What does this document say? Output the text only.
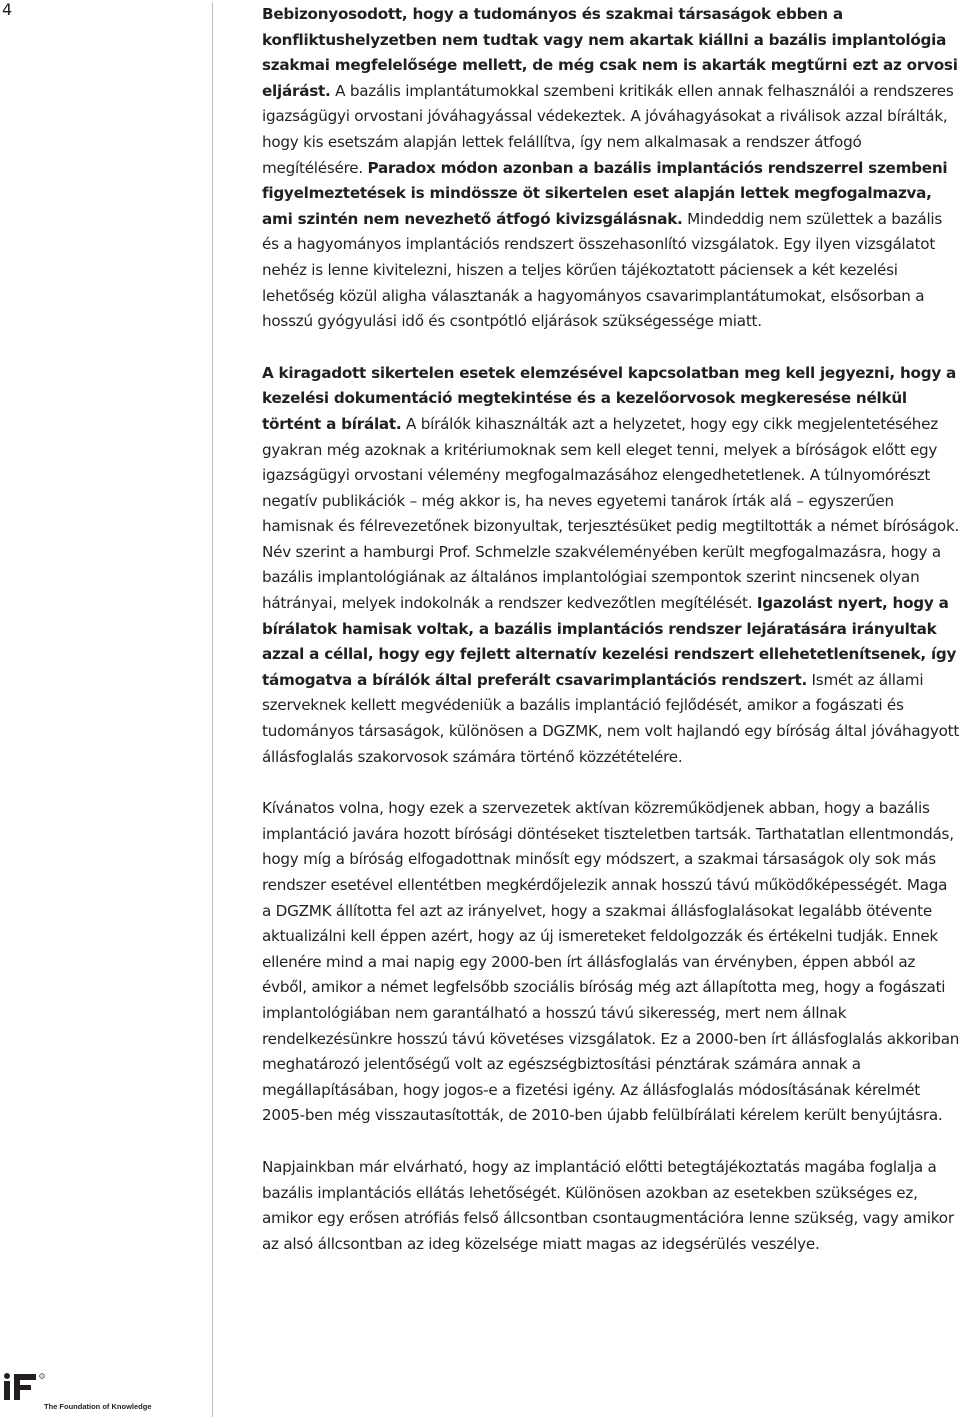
4	Bebizonyosodott, hogy a tudományos és szakmai társaságok ebben a konfliktushelyzetben nem tudtak vagy nem akartak kiállni a bazális implantológia szakmai megfelelősége mellett, de még csak nem is akarták megtűrni ezt az orvosi eljárást. A bazális implantátumokkal szembeni kritikák ellen annak felhasználói a rendszeres igazságügyi orvostani jóváhagyással védekeztek. A jóváhagyásokat a riválisok azzal bírálták, hogy kis esetszám alapján lettek felállítva, így nem alkalmasak a rendszer átfogó megítélésére. Paradox módon azonban a bazális implantációs rendszerrel szembeni figyelmeztetések is mindössze öt sikertelen eset alapján lettek megfogalmazva, ami szintén nem nevezhető átfogó kivizsgálásnak. Mindeddig nem születtek a bazális és a hagyományos implantációs rendszert összehasonlító vizsgálatok. Egy ilyen vizsgálatot nehéz is lenne kivitelezni, hiszen a teljes körűen tájékoztatott páciensek a két kezelési lehetőség közül aligha választanák a hagyományos csavarimplantátumokat, elsősorban a hosszú gyógyulási idő és csontpótló eljárások szükségessége miatt.

A kiragadott sikertelen esetek elemzésével kapcsolatban meg kell jegyezni, hogy a kezelési dokumentáció megtekintése és a kezelőorvosok megkeresése nélkül történt a bírálat. A bírálók kihasználták azt a helyzetet, hogy egy cikk megjelentetéséhez gyakran még azoknak a kritériumoknak sem kell eleget tenni, melyek a bíróságok előtt egy igazságügyi orvostani vélemény megfogalmazásához elengedhetetlenek. A túlnyomórészt negatív publikációk – még akkor is, ha neves egyetemi tanárok írták alá – egyszerűen hamisnak és félrevezetőnek bizonyultak, terjesztésüket pedig megtiltották a német bíróságok.
Név szerint a hamburgi Prof. Schmelzle szakvéleményében került megfogalmazásra, hogy a bazális implantológiának az általános implantológiai szempontok szerint nincsenek olyan hátrányai, melyek indokolnák a rendszer kedvezőtlen megítélését. Igazolást nyert, hogy a bírálatok hamisak voltak, a bazális implantációs rendszer lejáratására irányultak azzal a céllal, hogy egy fejlett alternatív kezelési rendszert ellehetetlenítsenek, így támogatva a bírálók által preferált csavarimplantációs rendszert. Ismét az állami szerveknek kellett megvédeniük a bazális implantáció fejlődését, amikor a fogászati és tudományos társaságok, különösen a DGZMK, nem volt hajlandó egy bíróság által jóváhagyott állásfoglalás szakorvosok számára történő közzétételére.

Kívánatos volna, hogy ezek a szervezetek aktívan közreműködjenek abban, hogy a bazális implantáció javára hozott bírósági döntéseket tiszteletben tartsák. Tarthatatlan ellentmondás, hogy míg a bíróság elfogadottnak minősít egy módszert, a szakmai társaságok oly sok más rendszer esetével ellentétben megkérdőjelezik annak hosszú távú működőképességét. Maga a DGZMK állította fel azt az irányelvet, hogy a szakmai állásfoglalásokat legalább ötévente aktualizálni kell éppen azért, hogy az új ismereteket feldolgozzák és értékelni tudják. Ennek ellenére mind a mai napig egy 2000-ben írt állásfoglalás van érvényben, éppen abból az évből, amikor a német legfelsőbb szociális bíróság még azt állapította meg, hogy a fogászati implantológiában nem garantálható a hosszú távú sikeresség, mert nem állnak rendelkezésünkre hosszú távú követéses vizsgálatok. Ez a 2000-ben írt állásfoglalás akkoriban meghatározó jelentőségű volt az egészségbiztosítási pénztárak számára annak a megállapításában, hogy jogos-e a fizetési igény. Az állásfoglalás módosításának kérelmét 2005-ben még visszautasították, de 2010-ben újabb felülbírálati kérelem került benyújtásra.

Napjainkban már elvárható, hogy az implantáció előtti betegtájékoztatás magába foglalja a bazális implantációs ellátás lehetőségét. Különösen azokban az esetekben szükséges ez, amikor egy erősen atrófiás felső állcsontban csontaugmentációra lenne szükség, vagy amikor az alsó állcsontban az ideg közelsége miatt magas az idegsérülés veszélye.

®
The Foundation of Knowledge
